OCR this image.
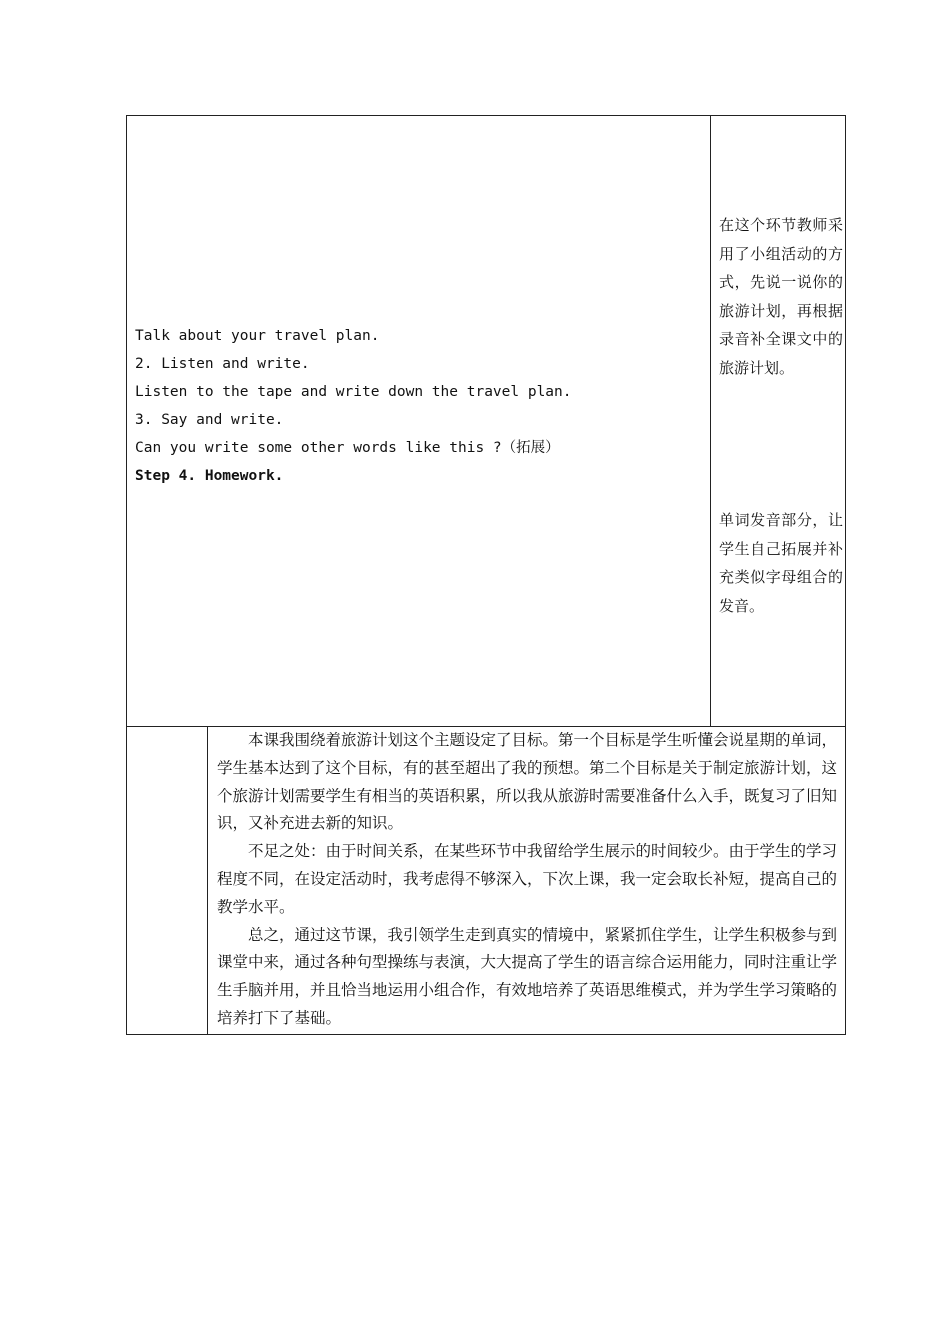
Talk about your travel plan.
2. Listen and write.
Listen to the tape and write down the travel plan.
3. Say and write.
Can you write some other words like this ?（拓展）
Step 4. Homework.
在这个环节教师采用了小组活动的方式，先说一说你的旅游计划，再根据录音补全课文中的旅游计划。
单词发音部分，让学生自己拓展并补充类似字母组合的发音。

本课我围绕着旅游计划这个主题设定了目标。第一个目标是学生听懂会说星期的单词，学生基本达到了这个目标，有的甚至超出了我的预想。第二个目标是关于制定旅游计划，这个旅游计划需要学生有相当的英语积累，所以我从旅游时需要准备什么入手，既复习了旧知识，又补充进去新的知识。

不足之处：由于时间关系，在某些环节中我留给学生展示的时间较少。由于学生的学习程度不同，在设定活动时，我考虑得不够深入，下次上课，我一定会取长补短，提高自己的教学水平。

总之，通过这节课，我引领学生走到真实的情境中，紧紧抓住学生，让学生积极参与到课堂中来，通过各种句型操练与表演，大大提高了学生的语言综合运用能力，同时注重让学生手脑并用，并且恰当地运用小组合作，有效地培养了英语思维模式，并为学生学习策略的培养打下了基础。
